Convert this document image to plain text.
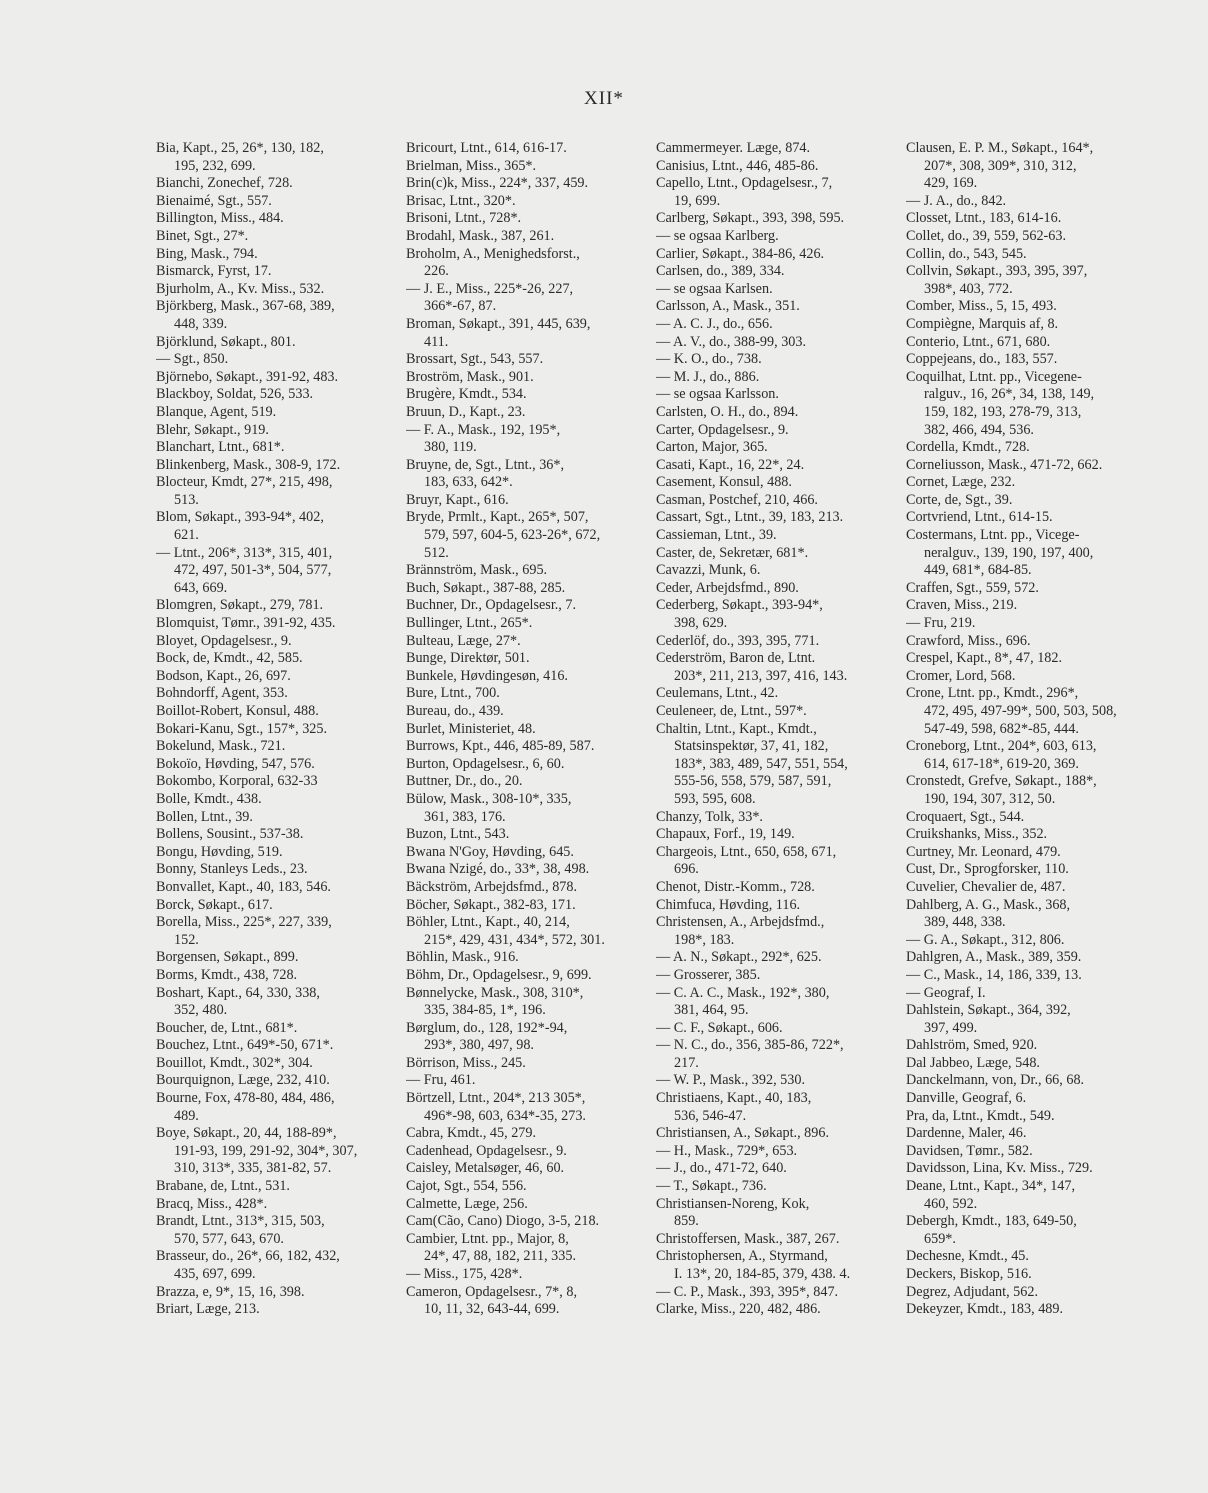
XII*
Bia, Kapt., 25, 26*, 130, 182,
195, 232, 699.
Bianchi, Zonechef, 728.
Bienaimé, Sgt., 557.
Billington, Miss., 484.
Binet, Sgt., 27*.
Bing, Mask., 794.
Bismarck, Fyrst, 17.
Bjurholm, A., Kv. Miss., 532.
Björkberg, Mask., 367-68, 389,
448, 339.
Björklund, Søkapt., 801.
— Sgt., 850.
Björnebo, Søkapt., 391-92, 483.
Blackboy, Soldat, 526, 533.
Blanque, Agent, 519.
Blehr, Søkapt., 919.
Blanchart, Ltnt., 681*.
Blinkenberg, Mask., 308-9, 172.
Blocteur, Kmdt, 27*, 215, 498,
513.
Blom, Søkapt., 393-94*, 402,
621.
— Ltnt., 206*, 313*, 315, 401,
472, 497, 501-3*, 504, 577,
643, 669.
Blomgren, Søkapt., 279, 781.
Blomquist, Tømr., 391-92, 435.
Bloyet, Opdagelsesr., 9.
Bock, de, Kmdt., 42, 585.
Bodson, Kapt., 26, 697.
Bohndorff, Agent, 353.
Boillot-Robert, Konsul, 488.
Bokari-Kanu, Sgt., 157*, 325.
Bokelund, Mask., 721.
Bokoïo, Høvding, 547, 576.
Bokombo, Korporal, 632-33
Bolle, Kmdt., 438.
Bollen, Ltnt., 39.
Bollens, Sousint., 537-38.
Bongu, Høvding, 519.
Bonny, Stanleys Leds., 23.
Bonvallet, Kapt., 40, 183, 546.
Borck, Søkapt., 617.
Borella, Miss., 225*, 227, 339,
152.
Borgensen, Søkapt., 899.
Borms, Kmdt., 438, 728.
Boshart, Kapt., 64, 330, 338,
352, 480.
Boucher, de, Ltnt., 681*.
Bouchez, Ltnt., 649*-50, 671*.
Bouillot, Kmdt., 302*, 304.
Bourquignon, Læge, 232, 410.
Bourne, Fox, 478-80, 484, 486,
489.
Boye, Søkapt., 20, 44, 188-89*,
191-93, 199, 291-92, 304*, 307,
310, 313*, 335, 381-82, 57.
Brabane, de, Ltnt., 531.
Bracq, Miss., 428*.
Brandt, Ltnt., 313*, 315, 503,
570, 577, 643, 670.
Brasseur, do., 26*, 66, 182, 432,
435, 697, 699.
Brazza, e, 9*, 15, 16, 398.
Briart, Læge, 213.
Bricourt, Ltnt., 614, 616-17.
Brielman, Miss., 365*.
Brin(c)k, Miss., 224*, 337, 459.
Brisac, Ltnt., 320*.
Brisoni, Ltnt., 728*.
Brodahl, Mask., 387, 261.
Broholm, A., Menighedsforst.,
226.
— J. E., Miss., 225*-26, 227,
366*-67, 87.
Broman, Søkapt., 391, 445, 639,
411.
Brossart, Sgt., 543, 557.
Broström, Mask., 901.
Brugère, Kmdt., 534.
Bruun, D., Kapt., 23.
— F. A., Mask., 192, 195*,
380, 119.
Bruyne, de, Sgt., Ltnt., 36*,
183, 633, 642*.
Bruyr, Kapt., 616.
Bryde, Prmlt., Kapt., 265*, 507,
579, 597, 604-5, 623-26*, 672,
512.
Brännström, Mask., 695.
Buch, Søkapt., 387-88, 285.
Buchner, Dr., Opdagelsesr., 7.
Bullinger, Ltnt., 265*.
Bulteau, Læge, 27*.
Bunge, Direktør, 501.
Bunkele, Høvdingesøn, 416.
Bure, Ltnt., 700.
Bureau, do., 439.
Burlet, Ministeriet, 48.
Burrows, Kpt., 446, 485-89, 587.
Burton, Opdagelsesr., 6, 60.
Buttner, Dr., do., 20.
Bülow, Mask., 308-10*, 335,
361, 383, 176.
Buzon, Ltnt., 543.
Bwana N'Goy, Høvding, 645.
Bwana Nzigé, do., 33*, 38, 498.
Bäckström, Arbejdsfmd., 878.
Böcher, Søkapt., 382-83, 171.
Böhler, Ltnt., Kapt., 40, 214,
215*, 429, 431, 434*, 572, 301.
Böhlin, Mask., 916.
Böhm, Dr., Opdagelsesr., 9, 699.
Bønnelycke, Mask., 308, 310*,
335, 384-85, 1*, 196.
Børglum, do., 128, 192*-94,
293*, 380, 497, 98.
Börrison, Miss., 245.
— Fru, 461.
Börtzell, Ltnt., 204*, 213 305*,
496*-98, 603, 634*-35, 273.
Cabra, Kmdt., 45, 279.
Cadenhead, Opdagelsesr., 9.
Caisley, Metalsøger, 46, 60.
Cajot, Sgt., 554, 556.
Calmette, Læge, 256.
Cam(Cão, Cano) Diogo, 3-5, 218.
Cambier, Ltnt. pp., Major, 8,
24*, 47, 88, 182, 211, 335.
— Miss., 175, 428*.
Cameron, Opdagelsesr., 7*, 8,
10, 11, 32, 643-44, 699.
Cammermeyer. Læge, 874.
Canisius, Ltnt., 446, 485-86.
Capello, Ltnt., Opdagelsesr., 7,
19, 699.
Carlberg, Søkapt., 393, 398, 595.
— se ogsaa Karlberg.
Carlier, Søkapt., 384-86, 426.
Carlsen, do., 389, 334.
— se ogsaa Karlsen.
Carlsson, A., Mask., 351.
— A. C. J., do., 656.
— A. V., do., 388-99, 303.
— K. O., do., 738.
— M. J., do., 886.
— se ogsaa Karlsson.
Carlsten, O. H., do., 894.
Carter, Opdagelsesr., 9.
Carton, Major, 365.
Casati, Kapt., 16, 22*, 24.
Casement, Konsul, 488.
Casman, Postchef, 210, 466.
Cassart, Sgt., Ltnt., 39, 183, 213.
Cassieman, Ltnt., 39.
Caster, de, Sekretær, 681*.
Cavazzi, Munk, 6.
Ceder, Arbejdsfmd., 890.
Cederberg, Søkapt., 393-94*,
398, 629.
Cederlöf, do., 393, 395, 771.
Cederström, Baron de, Ltnt.
203*, 211, 213, 397, 416, 143.
Ceulemans, Ltnt., 42.
Ceuleneer, de, Ltnt., 597*.
Chaltin, Ltnt., Kapt., Kmdt.,
Statsinspektør, 37, 41, 182,
183*, 383, 489, 547, 551, 554,
555-56, 558, 579, 587, 591,
593, 595, 608.
Chanzy, Tolk, 33*.
Chapaux, Forf., 19, 149.
Chargeois, Ltnt., 650, 658, 671,
696.
Chenot, Distr.-Komm., 728.
Chimfuca, Høvding, 116.
Christensen, A., Arbejdsfmd.,
198*, 183.
— A. N., Søkapt., 292*, 625.
— Grosserer, 385.
— C. A. C., Mask., 192*, 380,
381, 464, 95.
— C. F., Søkapt., 606.
— N. C., do., 356, 385-86, 722*,
217.
— W. P., Mask., 392, 530.
Christiaens, Kapt., 40, 183,
536, 546-47.
Christiansen, A., Søkapt., 896.
— H., Mask., 729*, 653.
— J., do., 471-72, 640.
— T., Søkapt., 736.
Christiansen-Noreng, Kok,
859.
Christoffersen, Mask., 387, 267.
Christophersen, A., Styrmand,
I. 13*, 20, 184-85, 379, 438. 4.
— C. P., Mask., 393, 395*, 847.
Clarke, Miss., 220, 482, 486.
Clausen, E. P. M., Søkapt., 164*,
207*, 308, 309*, 310, 312,
429, 169.
— J. A., do., 842.
Closset, Ltnt., 183, 614-16.
Collet, do., 39, 559, 562-63.
Collin, do., 543, 545.
Collvin, Søkapt., 393, 395, 397,
398*, 403, 772.
Comber, Miss., 5, 15, 493.
Compiègne, Marquis af, 8.
Conterio, Ltnt., 671, 680.
Coppejeans, do., 183, 557.
Coquilhat, Ltnt. pp., Vicegene-
ralguv., 16, 26*, 34, 138, 149,
159, 182, 193, 278-79, 313,
382, 466, 494, 536.
Cordella, Kmdt., 728.
Corneliusson, Mask., 471-72, 662.
Cornet, Læge, 232.
Corte, de, Sgt., 39.
Cortvriend, Ltnt., 614-15.
Costermans, Ltnt. pp., Vicege-
neralguv., 139, 190, 197, 400,
449, 681*, 684-85.
Craffen, Sgt., 559, 572.
Craven, Miss., 219.
— Fru, 219.
Crawford, Miss., 696.
Crespel, Kapt., 8*, 47, 182.
Cromer, Lord, 568.
Crone, Ltnt. pp., Kmdt., 296*,
472, 495, 497-99*, 500, 503, 508,
547-49, 598, 682*-85, 444.
Croneborg, Ltnt., 204*, 603, 613,
614, 617-18*, 619-20, 369.
Cronstedt, Grefve, Søkapt., 188*,
190, 194, 307, 312, 50.
Croquaert, Sgt., 544.
Cruikshanks, Miss., 352.
Curtney, Mr. Leonard, 479.
Cust, Dr., Sprogforsker, 110.
Cuvelier, Chevalier de, 487.
Dahlberg, A. G., Mask., 368,
389, 448, 338.
— G. A., Søkapt., 312, 806.
Dahlgren, A., Mask., 389, 359.
— C., Mask., 14, 186, 339, 13.
— Geograf, I.
Dahlstein, Søkapt., 364, 392,
397, 499.
Dahlström, Smed, 920.
Dal Jabbeo, Læge, 548.
Danckelmann, von, Dr., 66, 68.
Danville, Geograf, 6.
Pra, da, Ltnt., Kmdt., 549.
Dardenne, Maler, 46.
Davidsen, Tømr., 582.
Davidsson, Lina, Kv. Miss., 729.
Deane, Ltnt., Kapt., 34*, 147,
460, 592.
Debergh, Kmdt., 183, 649-50,
659*.
Dechesne, Kmdt., 45.
Deckers, Biskop, 516.
Degrez, Adjudant, 562.
Dekeyzer, Kmdt., 183, 489.
